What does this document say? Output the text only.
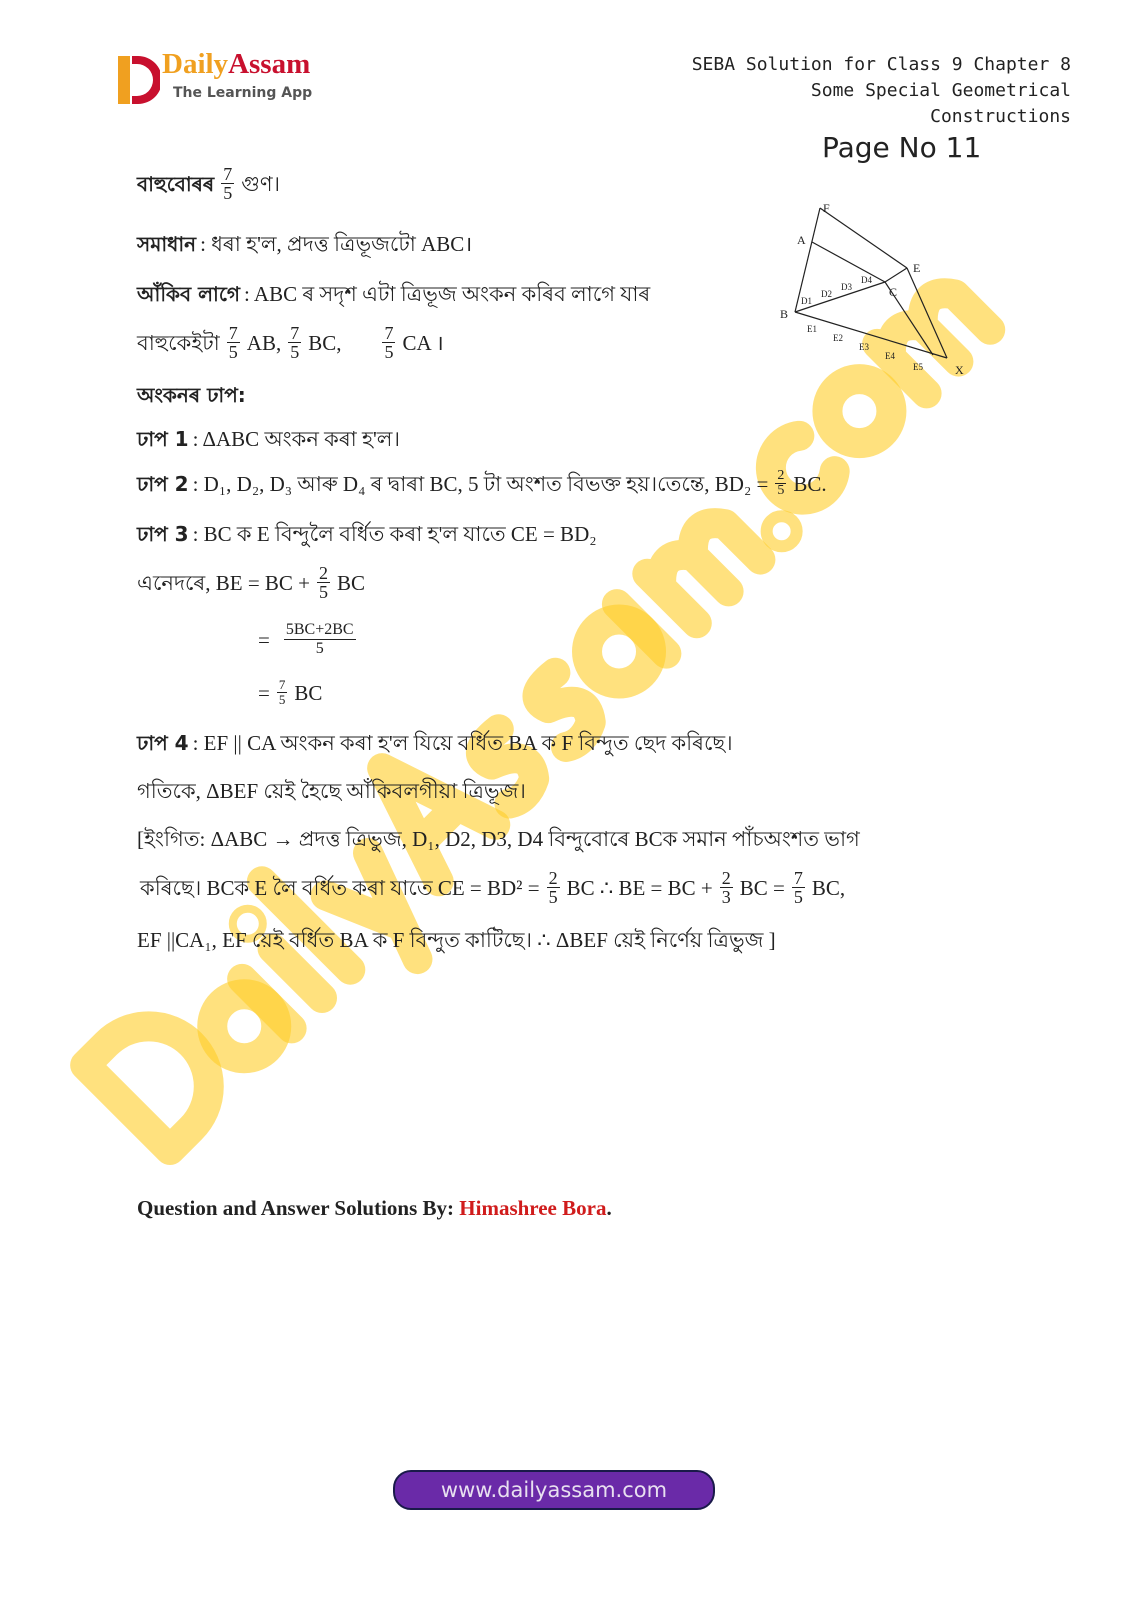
DailyAssam
The Learning App
SEBA Solution for Class 9 Chapter 8
Some Special Geometrical
Constructions
Page No 11
F
A
E
C
B
X
D1
D2
D3
D4
E1
E2
E3
E4
E5
বাহুবোৰৰ $\frac{7}{5}$ গুণ।
সমাধান : ধৰা হ'ল, প্ৰদত্ত ত্ৰিভূজটো ABC।
আঁকিব লাগে : ABC ৰ সদৃশ এটা ত্ৰিভূজ অংকন কৰিব লাগে যাৰ
বাহুকেইটা $\frac{7}{5}$ AB, $\frac{7}{5}$ BC, $\frac{7}{5}$ CA ।
অংকনৰ ঢাপ:
ঢাপ 1 : ΔABC অংকন কৰা হ'ল।
ঢাপ 2 : D₁, D₂, D₃ আৰু D₄ ৰ দ্বাৰা BC, 5 টা অংশত বিভক্ত হয়।তেন্তে, $BD_2 = \frac{2}{5}$ BC.
ঢাপ 3 : BC ক E বিন্দুলৈ বৰ্ধিত কৰা হ'ল যাতে CE = BD₂
এনেদৰে, BE = BC + $\frac{2}{5}$ BC
= $\frac{5BC+2BC}{5}$
= $\frac{7}{5}$ BC
ঢাপ 4 : EF || CA অংকন কৰা হ'ল যিয়ে বৰ্ধিত BA ক F বিন্দুত ছেদ কৰিছে।
গতিকে, ΔBEF য়েই হৈছে আঁকিবলগীয়া ত্ৰিভূজ।
[ইংগিত: ΔABC → প্ৰদত্ত ত্ৰিভুজ, D₁, D2, D3, D4 বিন্দুবোৰে BCক সমান পাঁচঅংশত ভাগ
কৰিছে। BCক E লৈ বৰ্ধিত কৰা যাতে CE = $BD^2 = \frac{2}{5}$ BC ∴ BE = BC + $\frac{2}{3}$ BC = $\frac{7}{5}$ BC,
EF ||CA₁, EF য়েই বৰ্ধিত BA ক F বিন্দুত কাটিছে। ∴ ΔBEF য়েই নিৰ্ণেয় ত্ৰিভুজ ]
Question and Answer Solutions By: Himashree Bora.
www.dailyassam.com
